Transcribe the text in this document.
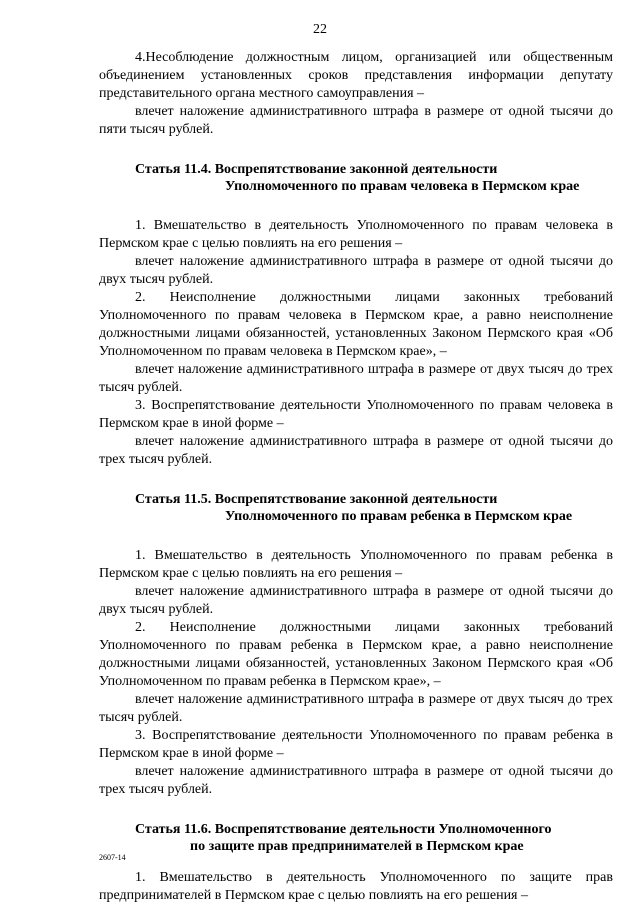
22

4.Несоблюдение должностным лицом, организацией или общественным объединением установленных сроков представления информации депутату представительного органа местного самоуправления –

влечет наложение административного штрафа в размере от одной тысячи до пяти тысяч рублей.

Статья 11.4. Воспрепятствование законной деятельности
Уполномоченного по правам человека в Пермском крае

1. Вмешательство в деятельность Уполномоченного по правам человека в Пермском крае с целью повлиять на его решения –

влечет наложение административного штрафа в размере от одной тысячи до двух тысяч рублей.

2. Неисполнение должностными лицами законных требований Уполномоченного по правам человека в Пермском крае, а равно неисполнение должностными лицами обязанностей, установленных Законом Пермского края «Об Уполномоченном по правам человека в Пермском крае», –

влечет наложение административного штрафа в размере от двух тысяч до трех тысяч рублей.

3. Воспрепятствование деятельности Уполномоченного по правам человека в Пермском крае в иной форме –

влечет наложение административного штрафа в размере от одной тысячи до трех тысяч рублей.

Статья 11.5. Воспрепятствование законной деятельности
Уполномоченного по правам ребенка в Пермском крае

1. Вмешательство в деятельность Уполномоченного по правам ребенка в Пермском крае с целью повлиять на его решения –

влечет наложение административного штрафа в размере от одной тысячи до двух тысяч рублей.

2. Неисполнение должностными лицами законных требований Уполномоченного по правам ребенка в Пермском крае, а равно неисполнение должностными лицами обязанностей, установленных Законом Пермского края «Об Уполномоченном по правам ребенка в Пермском крае», –

влечет наложение административного штрафа в размере от двух тысяч до трех тысяч рублей.

3. Воспрепятствование деятельности Уполномоченного по правам ребенка в Пермском крае в иной форме –

влечет наложение административного штрафа в размере от одной тысячи до трех тысяч рублей.

Статья 11.6. Воспрепятствование деятельности Уполномоченного
по защите прав предпринимателей в Пермском крае

1. Вмешательство в деятельность Уполномоченного по защите прав предпринимателей в Пермском крае с целью повлиять на его решения –

2607-14
